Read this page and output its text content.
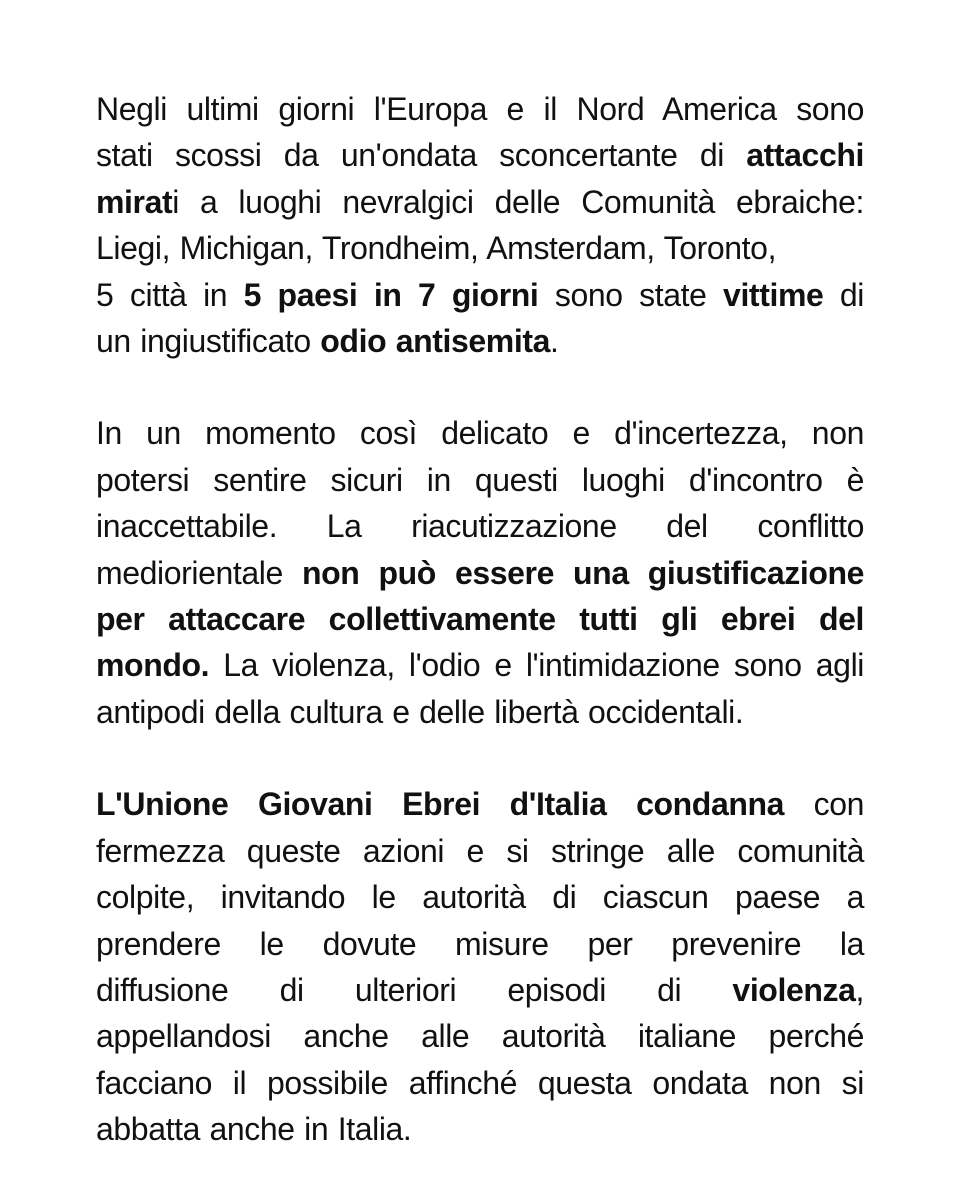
Negli ultimi giorni l'Europa e il Nord America sono
stati scossi da un'ondata sconcertante di attacchi
mirati a luoghi nevralgici delle Comunità ebraiche:
Liegi, Michigan, Trondheim, Amsterdam, Toronto,
5 città in 5 paesi in 7 giorni sono state vittime di
un ingiustificato odio antisemita.

In un momento così delicato e d'incertezza, non
potersi sentire sicuri in questi luoghi d'incontro è
inaccettabile. La riacutizzazione del conflitto
mediorientale non può essere una giustificazione
per attaccare collettivamente tutti gli ebrei del
mondo. La violenza, l'odio e l'intimidazione sono agli
antipodi della cultura e delle libertà occidentali.

L'Unione Giovani Ebrei d'Italia condanna con
fermezza queste azioni e si stringe alle comunità
colpite, invitando le autorità di ciascun paese a
prendere le dovute misure per prevenire la
diffusione di ulteriori episodi di violenza,
appellandosi anche alle autorità italiane perché
facciano il possibile affinché questa ondata non si
abbatta anche in Italia.
